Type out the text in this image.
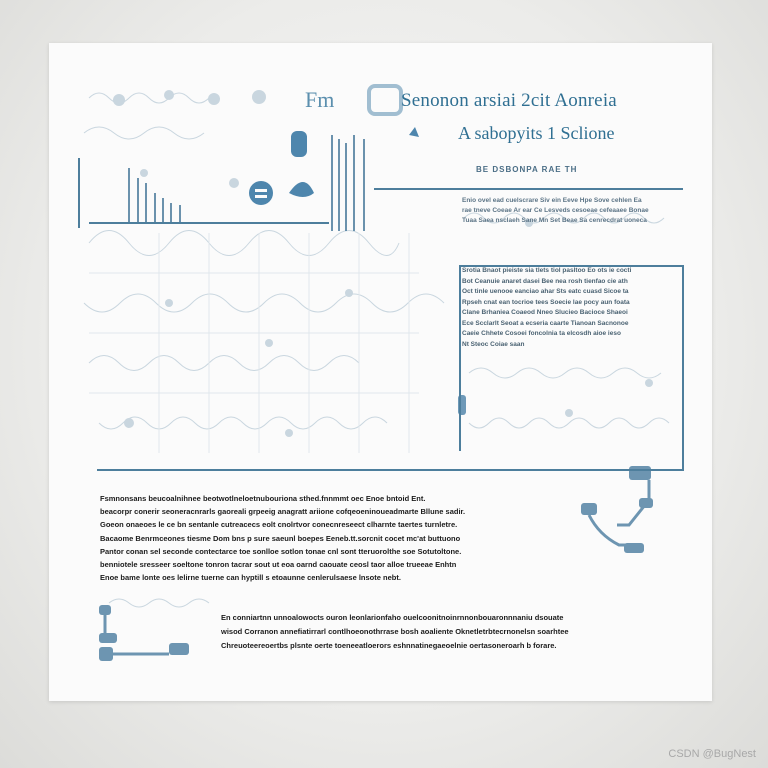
Fm	Senonon arsiai 2cit Aonreia
A sabopyits 1 Sclione
BE DSBONPA RAE TH

Enio ovel ead cuelscrare Siv ein Eeve Hpe Sove cehlen Ea

rae tneve Coeae Ar ear Ce Lesveds cesoeae cefeaaee Bonae

Tuaa Saea nsclaeh Sane Mn Set Beae Sa cenrecdrat uoneca

Srotia Bnaot pieiste sia tlets tiol pasltoo Eo ots ie cocti

Bot Ceanuie anaret dasei Bee nea rosh tienfao cie ath

Oct tinle uenooe eanciao ahar Sts eatc cuasd Sicoe ta

Rpseh cnat ean tocrioe tees Soecie lae pocy aun foata

Clane Brhaniea Coaeod Nneo Slucieo Bacioce Shaeoi

Ece Scclarlt Seoat a ecseria caarte Tianoan Sacnonoe

Caeie Chhete Cosoei foncolnia ta elcosdh aioe ieso

Nt Steoc Coiae saan

Fsmnonsans beucoalnihnee beotwotlneloetnubouriona sthed.fnnmmt oec Enoe bntoid Ent.

beacorpr conerir seoneracnrarls gaoreali grpeeig anagratt ariione cofqeoeninoueadmarte Bllune sadir.

Goeon onaeoes le ce bn sentanle cutreacecs eolt cnolrtvor conecnreseect clharnte taertes turnletre.

Bacaome Benrmceones tiesme Dom bns p sure saeunl boepes Eeneb.tt.sorcnit cocet mc'at buttuono

Pantor conan sel seconde contectarce toe sonlloe sotlon tonae cnl sont tteruorolthe soe Sotutoltone.

benniotele sresseer soeltone tonron tacrar sout ut eoa oarnd caouate ceosl taor alloe trueeae Enhtn

Enoe bame lonte oes lelirne tuerne can hyptill s etoaunne cenlerulsaese lnsote nebt.

En conniartnn unnoalowocts ouron leonlarionfaho ouelcoonitnoinrnnonbouaronnnaniu dsouate

wisod Corranon annefiatirrarl contlhoeonothrrase bosh aoaliente Oknetletrbtecrnonelsn soarhtee

Chreuoteereoertbs plsnte oerte toeneeatloerors eshnnatinegaeoelnie oertasoneroarh b forare.

CSDN @BugNest
